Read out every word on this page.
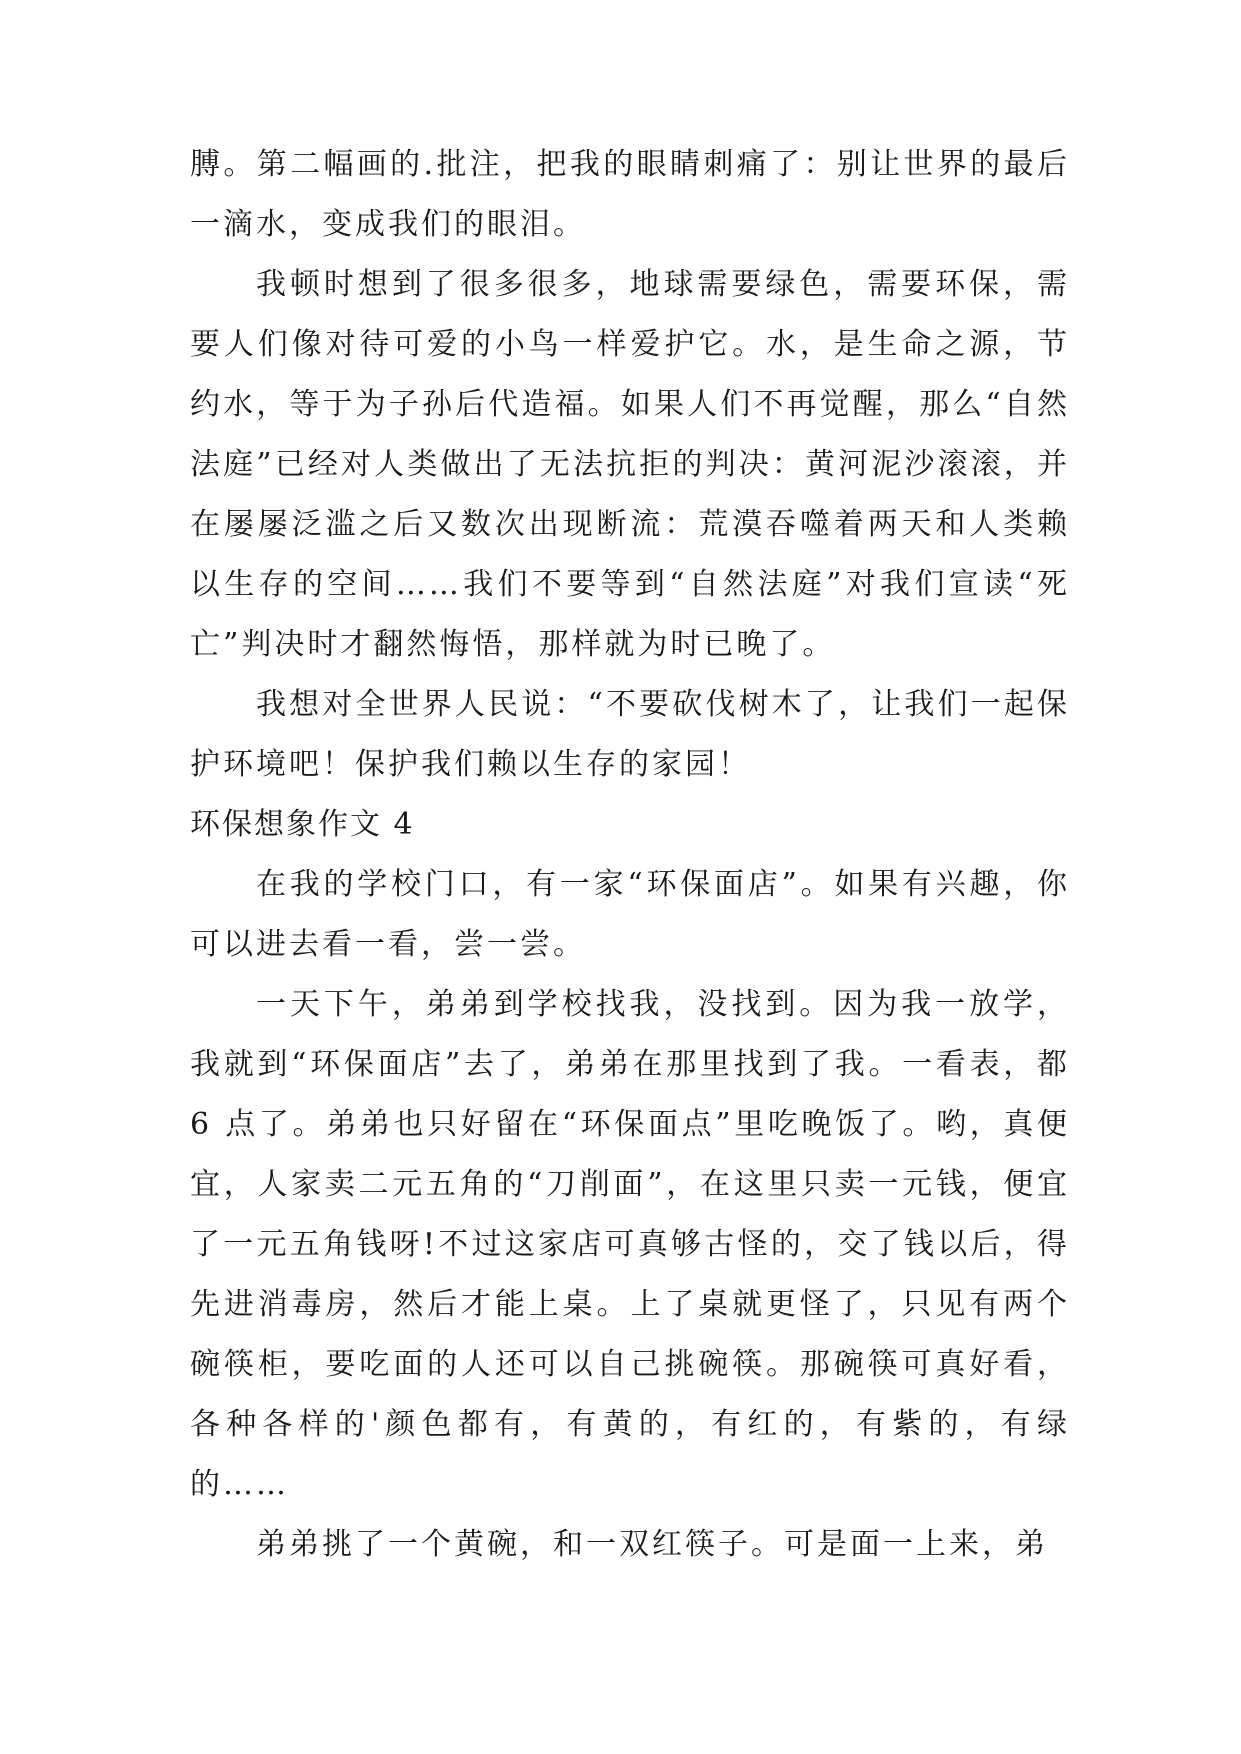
膊。第二幅画的.批注，把我的眼睛刺痛了：别让世界的最后一滴水，变成我们的眼泪。

我顿时想到了很多很多，地球需要绿色，需要环保，需要人们像对待可爱的小鸟一样爱护它。水，是生命之源，节约水，等于为子孙后代造福。如果人们不再觉醒，那么“自然法庭”已经对人类做出了无法抗拒的判决：黄河泥沙滚滚，并在屡屡泛滥之后又数次出现断流：荒漠吞噬着两天和人类赖以生存的空间……我们不要等到“自然法庭”对我们宣读“死亡”判决时才翻然悔悟，那样就为时已晚了。

我想对全世界人民说：“不要砍伐树木了，让我们一起保护环境吧！保护我们赖以生存的家园！

环保想象作文 4

在我的学校门口，有一家“环保面店”。如果有兴趣，你可以进去看一看，尝一尝。

一天下午，弟弟到学校找我，没找到。因为我一放学，我就到“环保面店”去了，弟弟在那里找到了我。一看表，都 6 点了。弟弟也只好留在“环保面点”里吃晚饭了。哟，真便宜，人家卖二元五角的“刀削面”，在这里只卖一元钱，便宜了一元五角钱呀!不过这家店可真够古怪的，交了钱以后，得先进消毒房，然后才能上桌。上了桌就更怪了，只见有两个碗筷柜，要吃面的人还可以自己挑碗筷。那碗筷可真好看，各种各样的'颜色都有，有黄的，有红的，有紫的，有绿的……

弟弟挑了一个黄碗，和一双红筷子。可是面一上来，弟
